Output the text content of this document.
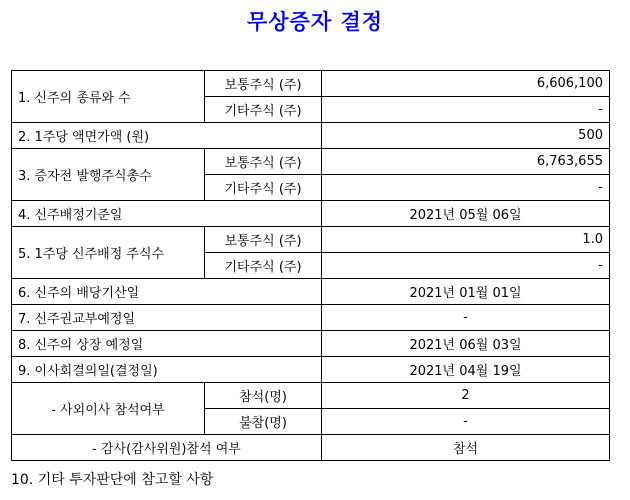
무상증자 결정
1. 신주의 종류와 수	보통주식 (주)	6,606,100
	기타주식 (주)	-
2. 1주당 액면가액 (원)		500
3. 증자전 발행주식총수	보통주식 (주)	6,763,655
	기타주식 (주)	-
4. 신주배정기준일		2021년 05월 06일
5. 1주당 신주배정 주식수	보통주식 (주)	1.0
	기타주식 (주)	-
6. 신주의 배당기산일		2021년 01월 01일
7. 신주권교부예정일		-
8. 신주의 상장 예정일		2021년 06월 03일
9. 이사회결의일(결정일)		2021년 04월 19일
- 사외이사 참석여부	참석(명)	2
	불참(명)	-
- 감사(감사위원)참석 여부		참석
10. 기타 투자판단에 참고할 사항
